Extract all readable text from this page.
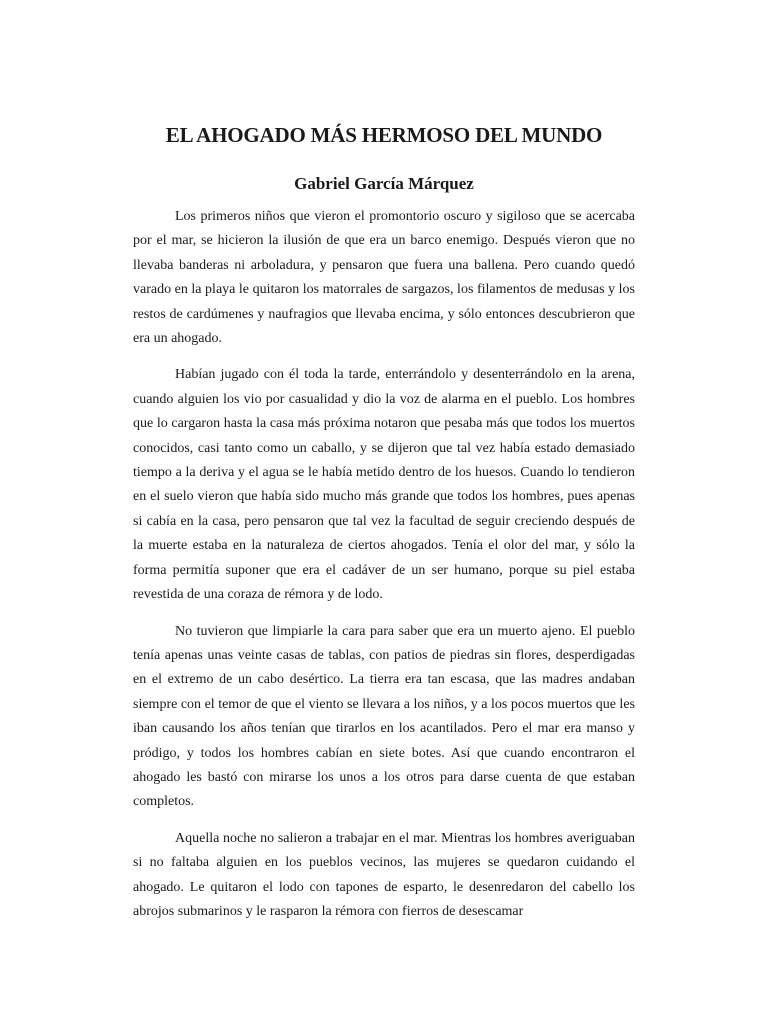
EL AHOGADO MÁS HERMOSO DEL MUNDO
Gabriel García Márquez

Los primeros niños que vieron el promontorio oscuro y sigiloso que se acercaba por el mar, se hicieron la ilusión de que era un barco enemigo. Después vieron que no llevaba banderas ni arboladura, y pensaron que fuera una ballena. Pero cuando quedó varado en la playa le quitaron los matorrales de sargazos, los filamentos de medusas y los restos de cardúmenes y naufragios que llevaba encima, y sólo entonces descubrieron que era un ahogado.

Habían jugado con él toda la tarde, enterrándolo y desenterrándolo en la arena, cuando alguien los vio por casualidad y dio la voz de alarma en el pueblo. Los hombres que lo cargaron hasta la casa más próxima notaron que pesaba más que todos los muertos conocidos, casi tanto como un caballo, y se dijeron que tal vez había estado demasiado tiempo a la deriva y el agua se le había metido dentro de los huesos. Cuando lo tendieron en el suelo vieron que había sido mucho más grande que todos los hombres, pues apenas si cabía en la casa, pero pensaron que tal vez la facultad de seguir creciendo después de la muerte estaba en la naturaleza de ciertos ahogados. Tenía el olor del mar, y sólo la forma permitía suponer que era el cadáver de un ser humano, porque su piel estaba revestida de una coraza de rémora y de lodo.

No tuvieron que limpiarle la cara para saber que era un muerto ajeno. El pueblo tenía apenas unas veinte casas de tablas, con patios de piedras sin flores, desperdigadas en el extremo de un cabo desértico. La tierra era tan escasa, que las madres andaban siempre con el temor de que el viento se llevara a los niños, y a los pocos muertos que les iban causando los años tenían que tirarlos en los acantilados. Pero el mar era manso y pródigo, y todos los hombres cabían en siete botes. Así que cuando encontraron el ahogado les bastó con mirarse los unos a los otros para darse cuenta de que estaban completos.

Aquella noche no salieron a trabajar en el mar. Mientras los hombres averiguaban si no faltaba alguien en los pueblos vecinos, las mujeres se quedaron cuidando el ahogado. Le quitaron el lodo con tapones de esparto, le desenredaron del cabello los abrojos submarinos y le rasparon la rémora con fierros de desescamar
